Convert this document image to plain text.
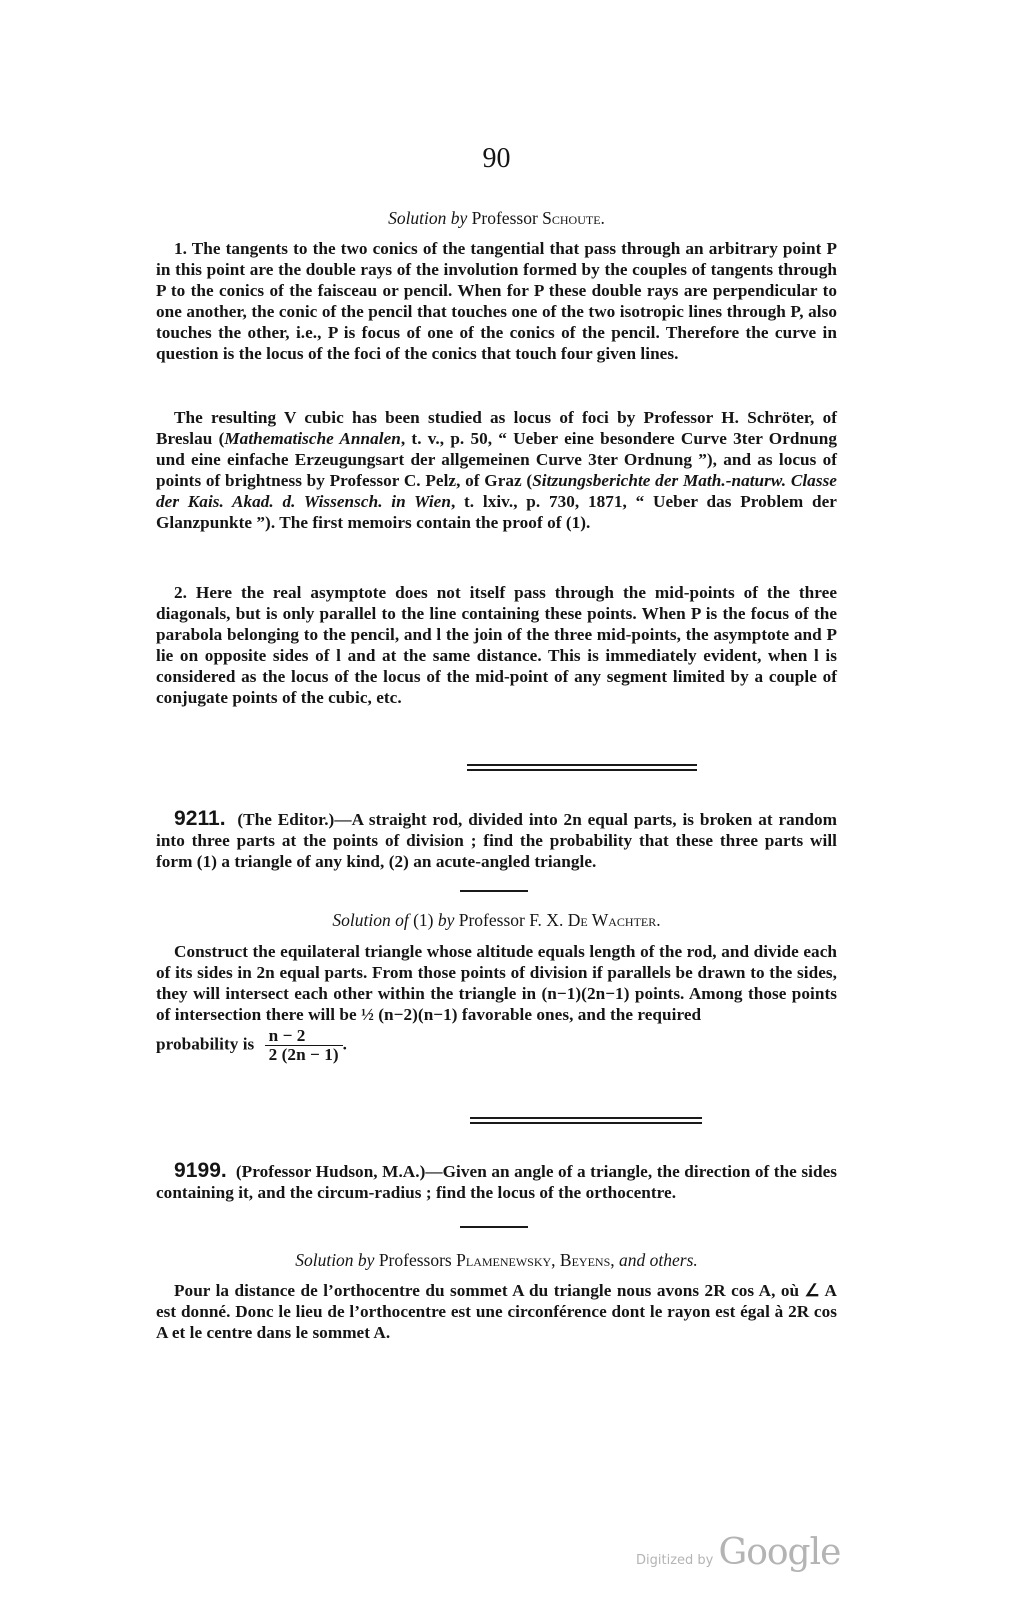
90

Solution by Professor Schoute.

1. The tangents to the two conics of the tangential that pass through an arbitrary point P in this point are the double rays of the involution formed by the couples of tangents through P to the conics of the faisceau or pencil. When for P these double rays are perpendicular to one another, the conic of the pencil that touches one of the two isotropic lines through P, also touches the other, i.e., P is focus of one of the conics of the pencil. Therefore the curve in question is the locus of the foci of the conics that touch four given lines.

The resulting V cubic has been studied as locus of foci by Professor H. Schröter, of Breslau (Mathematische Annalen, t. v., p. 50, “ Ueber eine besondere Curve 3ter Ordnung und eine einfache Erzeugungsart der allgemeinen Curve 3ter Ordnung ”), and as locus of points of brightness by Professor C. Pelz, of Graz (Sitzungsberichte der Math.-naturw. Classe der Kais. Akad. d. Wissensch. in Wien, t. lxiv., p. 730, 1871, “ Ueber das Problem der Glanzpunkte ”). The first memoirs contain the proof of (1).

2. Here the real asymptote does not itself pass through the mid-points of the three diagonals, but is only parallel to the line containing these points. When P is the focus of the parabola belonging to the pencil, and l the join of the three mid-points, the asymptote and P lie on opposite sides of l and at the same distance. This is immediately evident, when l is considered as the locus of the locus of the mid-point of any segment limited by a couple of conjugate points of the cubic, etc.

9211. (The Editor.)—A straight rod, divided into 2n equal parts, is broken at random into three parts at the points of division ; find the probability that these three parts will form (1) a triangle of any kind, (2) an acute-angled triangle.

Solution of (1) by Professor F. X. De Wachter.

Construct the equilateral triangle whose altitude equals length of the rod, and divide each of its sides in 2n equal parts. From those points of division if parallels be drawn to the sides, they will intersect each other within the triangle in (n−1)(2n−1) points. Among those points of intersection there will be ½ (n−2)(n−1) favorable ones, and the required

probability is $\frac{n - 2}{2 (2n - 1)}$ .

9199. (Professor Hudson, M.A.)—Given an angle of a triangle, the direction of the sides containing it, and the circum-radius ; find the locus of the orthocentre.

Solution by Professors Plamenewsky, Beyens, and others.

Pour la distance de l’orthocentre du sommet A du triangle nous avons 2R cos A, où ∠ A est donné. Donc le lieu de l’orthocentre est une circonférence dont le rayon est égal à 2R cos A et le centre dans le sommet A.

Digitized by Google
